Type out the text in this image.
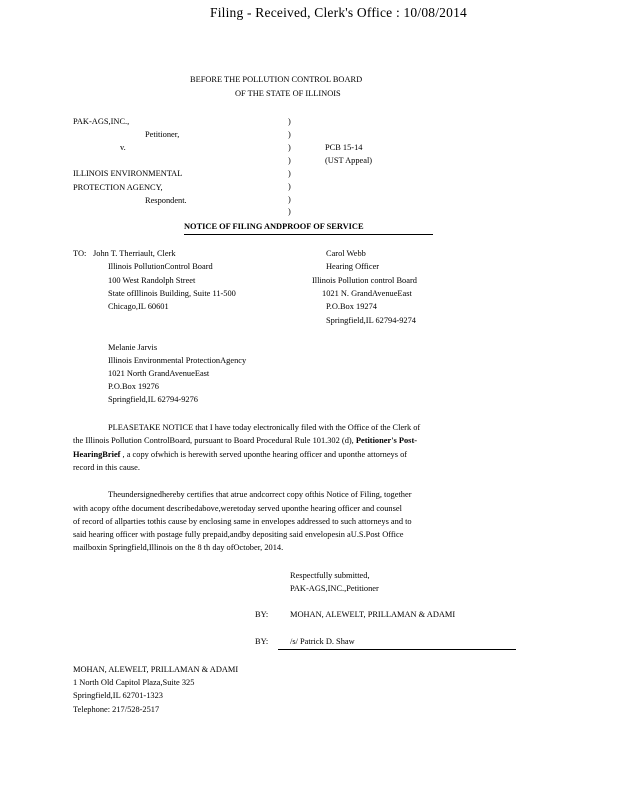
Filing - Received, Clerk's Office : 10/08/2014
BEFORE THE POLLUTION CONTROL BOARD
OF THE STATE OF ILLINOIS
PAK-AGS,INC.,
Petitioner,
v.
ILLINOIS ENVIRONMENTAL
PROTECTION AGENCY,
Respondent.
)
)
)
)
)
)
)
)
PCB 15-14
(UST Appeal)
NOTICE OF FILING ANDPROOF OF SERVICE
TO: John T. Therriault, Clerk
Illinois PollutionControl Board
100 West Randolph Street
State ofIllinois Building, Suite 11-500
Chicago,IL 60601
Carol Webb
Hearing Officer
Illinois Pollution control Board
1021 N. GrandAvenueEast
P.O.Box 19274
Springfield,IL 62794-9274
Melanie Jarvis
Illinois Environmental ProtectionAgency
1021 North GrandAvenueEast
P.O.Box 19276
Springfield,IL 62794-9276
PLEASETAKE NOTICE that I have today electronically filed with the Office of the Clerk of
the Illinois Pollution ControlBoard, pursuant to Board Procedural Rule 101.302 (d), Petitioner's Post-
HearingBrief , a copy ofwhich is herewith served uponthe hearing officer and uponthe attorneys of
record in this cause.
Theundersignedhereby certifies that atrue andcorrect copy ofthis Notice of Filing, together
with acopy ofthe document describedabove,weretoday served uponthe hearing officer and counsel
of record of allparties tothis cause by enclosing same in envelopes addressed to such attorneys and to
said hearing officer with postage fully prepaid,andby depositing said envelopesin aU.S.Post Office
mailboxin Springfield,Illinois on the 8 th day ofOctober, 2014.
Respectfully submitted,
PAK-AGS,INC.,Petitioner
BY:	MOHAN, ALEWELT, PRILLAMAN & ADAMI
BY:	/s/ Patrick D. Shaw
MOHAN, ALEWELT, PRILLAMAN & ADAMI
1 North Old Capitol Plaza,Suite 325
Springfield,IL 62701-1323
Telephone: 217/528-2517
